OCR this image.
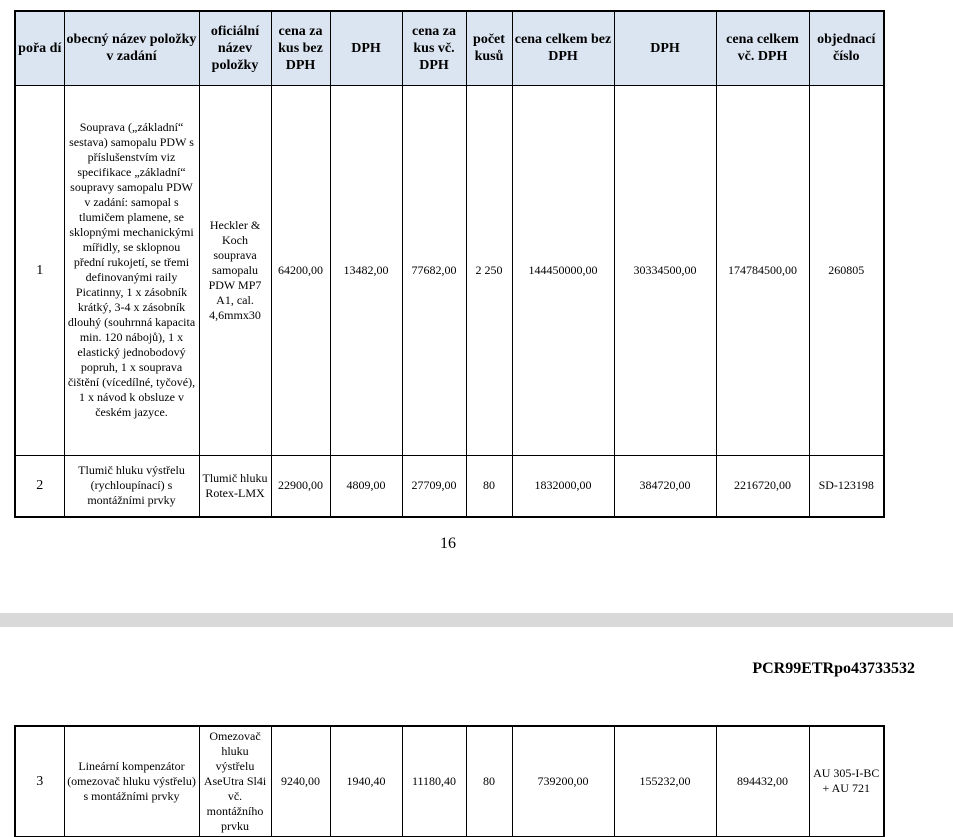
pořa dí	obecný název položky v zadání	oficiální název položky	cena za kus bez DPH	DPH	cena za kus vč. DPH	počet kusů	cena celkem bez DPH	DPH	cena celkem vč. DPH	objednací číslo
1	Souprava („základní“ sestava) samopalu PDW s příslušenstvím viz specifikace „základní“ soupravy samopalu PDW v zadání: samopal s tlumičem plamene, se sklopnými mechanickými mířidly, se sklopnou přední rukojetí, se třemi definovanými raily Picatinny, 1 x zásobník krátký, 3-4 x zásobník dlouhý (souhrnná kapacita min. 120 nábojů), 1 x elastický jednobodový popruh, 1 x souprava čištění (vícedílné, tyčové), 1 x návod k obsluze v českém jazyce.	Heckler & Koch souprava samopalu PDW MP7 A1, cal. 4,6mmx30	64200,00	13482,00	77682,00	2 250	144450000,00	30334500,00	174784500,00	260805
2	Tlumič hluku výstřelu (rychloupínací) s montážními prvky	Tlumič hluku Rotex-LMX	22900,00	4809,00	27709,00	80	1832000,00	384720,00	2216720,00	SD-123198
16
PCR99ETRpo43733532
3	Lineární kompenzátor (omezovač hluku výstřelu) s montážními prvky	Omezovač hluku výstřelu AseUtra Sl4i vč. montážního prvku	9240,00	1940,40	11180,40	80	739200,00	155232,00	894432,00	AU 305-I-BC + AU 721
